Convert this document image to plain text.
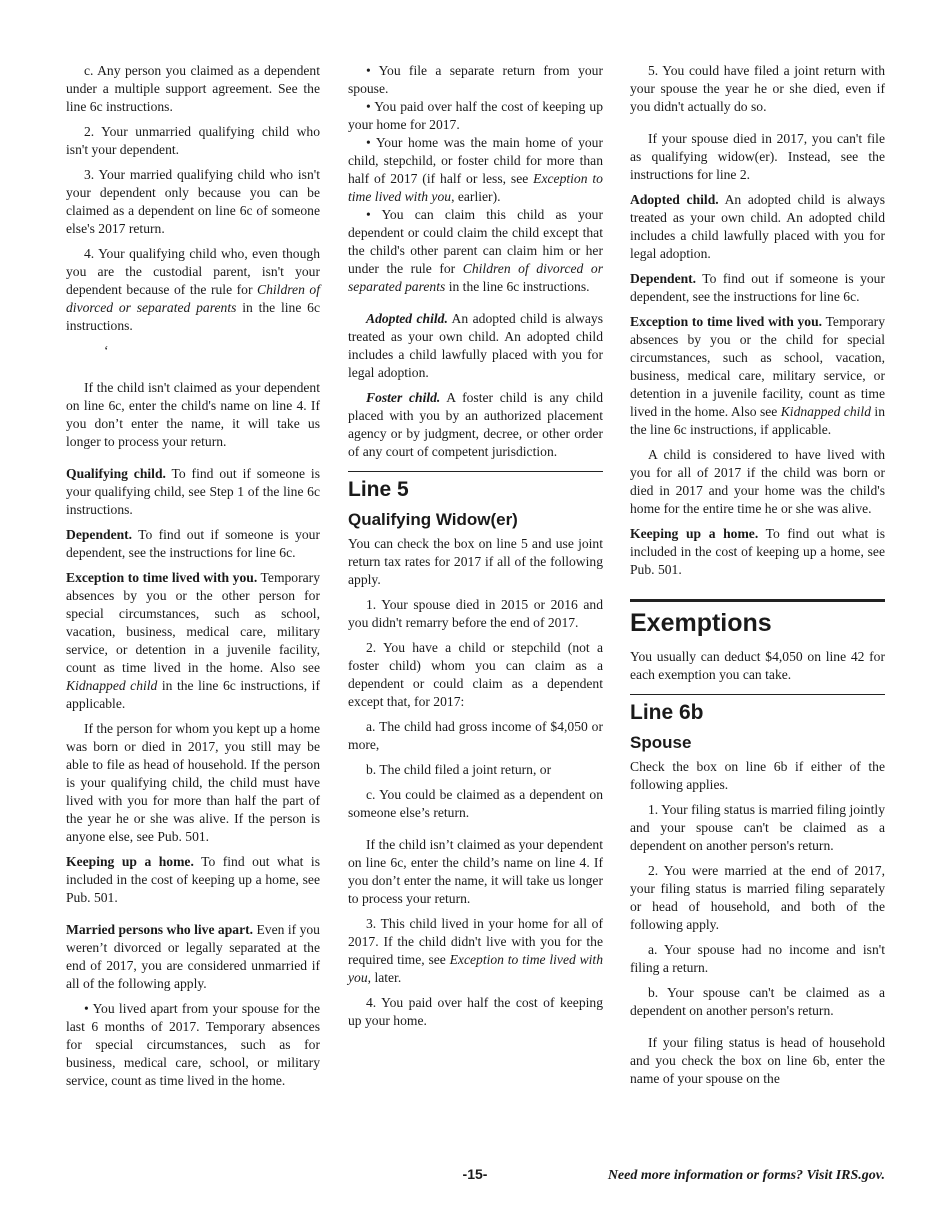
c. Any person you claimed as a dependent under a multiple support agreement. See the line 6c instructions.

2. Your unmarried qualifying child who isn't your dependent.

3. Your married qualifying child who isn't your dependent only because you can be claimed as a dependent on line 6c of someone else's 2017 return.

4. Your qualifying child who, even though you are the custodial parent, isn't your dependent because of the rule for Children of divorced or separated parents in the line 6c instructions.

‘

If the child isn't claimed as your dependent on line 6c, enter the child's name on line 4. If you don’t enter the name, it will take us longer to process your return.

Qualifying child. To find out if someone is your qualifying child, see Step 1 of the line 6c instructions.

Dependent. To find out if someone is your dependent, see the instructions for line 6c.

Exception to time lived with you. Temporary absences by you or the other person for special circumstances, such as school, vacation, business, medical care, military service, or detention in a juvenile facility, count as time lived in the home. Also see Kidnapped child in the line 6c instructions, if applicable.

If the person for whom you kept up a home was born or died in 2017, you still may be able to file as head of household. If the person is your qualifying child, the child must have lived with you for more than half the part of the year he or she was alive. If the person is anyone else, see Pub. 501.

Keeping up a home. To find out what is included in the cost of keeping up a home, see Pub. 501.

Married persons who live apart. Even if you weren’t divorced or legally separated at the end of 2017, you are considered unmarried if all of the following apply.

• You lived apart from your spouse for the last 6 months of 2017. Temporary absences for special circumstances, such as for business, medical care, school, or military service, count as time lived in the home.

• You file a separate return from your spouse.

• You paid over half the cost of keeping up your home for 2017.

• Your home was the main home of your child, stepchild, or foster child for more than half of 2017 (if half or less, see Exception to time lived with you, earlier).

• You can claim this child as your dependent or could claim the child except that the child's other parent can claim him or her under the rule for Children of divorced or separated parents in the line 6c instructions.

Adopted child. An adopted child is always treated as your own child. An adopted child includes a child lawfully placed with you for legal adoption.

Foster child. A foster child is any child placed with you by an authorized placement agency or by judgment, decree, or other order of any court of competent jurisdiction.

Line 5
Qualifying Widow(er)

You can check the box on line 5 and use joint return tax rates for 2017 if all of the following apply.

1. Your spouse died in 2015 or 2016 and you didn't remarry before the end of 2017.

2. You have a child or stepchild (not a foster child) whom you can claim as a dependent or could claim as a dependent except that, for 2017:

a. The child had gross income of $4,050 or more,

b. The child filed a joint return, or

c. You could be claimed as a dependent on someone else’s return.

If the child isn’t claimed as your dependent on line 6c, enter the child’s name on line 4. If you don’t enter the name, it will take us longer to process your return.

3. This child lived in your home for all of 2017. If the child didn't live with you for the required time, see Exception to time lived with you, later.

4. You paid over half the cost of keeping up your home.

5. You could have filed a joint return with your spouse the year he or she died, even if you didn't actually do so.

If your spouse died in 2017, you can't file as qualifying widow(er). Instead, see the instructions for line 2.

Adopted child. An adopted child is always treated as your own child. An adopted child includes a child lawfully placed with you for legal adoption.

Dependent. To find out if someone is your dependent, see the instructions for line 6c.

Exception to time lived with you. Temporary absences by you or the child for special circumstances, such as school, vacation, business, medical care, military service, or detention in a juvenile facility, count as time lived in the home. Also see Kidnapped child in the line 6c instructions, if applicable.

A child is considered to have lived with you for all of 2017 if the child was born or died in 2017 and your home was the child's home for the entire time he or she was alive.

Keeping up a home. To find out what is included in the cost of keeping up a home, see Pub. 501.

Exemptions

You usually can deduct $4,050 on line 42 for each exemption you can take.

Line 6b
Spouse

Check the box on line 6b if either of the following applies.

1. Your filing status is married filing jointly and your spouse can't be claimed as a dependent on another person's return.

2. You were married at the end of 2017, your filing status is married filing separately or head of household, and both of the following apply.

a. Your spouse had no income and isn't filing a return.

b. Your spouse can't be claimed as a dependent on another person's return.

If your filing status is head of household and you check the box on line 6b, enter the name of your spouse on the

-15-	Need more information or forms? Visit IRS.gov.
